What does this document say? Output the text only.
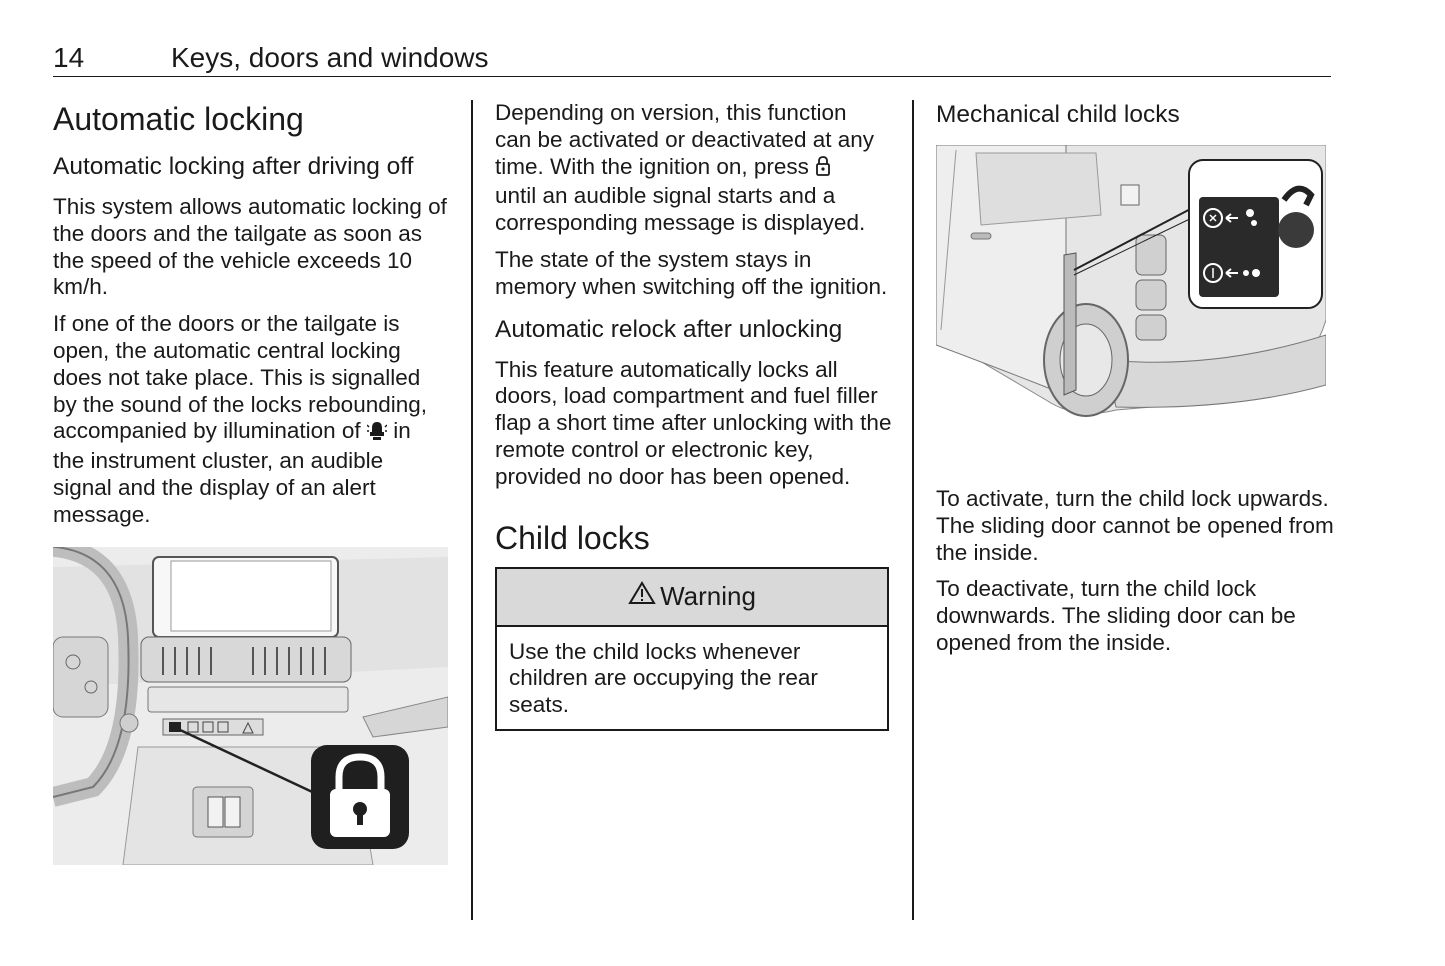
14	Keys, doors and windows
Automatic locking
Automatic locking after driving off

This system allows automatic locking of the doors and the tailgate as soon as the speed of the vehicle exceeds 10 km/h.

If one of the doors or the tailgate is
open, the automatic central locking
does not take place. This is signalled
by the sound of the locks rebounding,
accompanied by illumination of  in
the instrument cluster, an audible
signal and the display of an alert
message.

Depending on version, this function
can be activated or deactivated at any
time. With the ignition on, press
until an audible signal starts and a
corresponding message is displayed.

The state of the system stays in memory when switching off the ignition.

Automatic relock after unlocking

This feature automatically locks all doors, load compartment and fuel filler flap a short time after unlocking with the remote control or electronic key, provided no door has been opened.

Child locks
Warning
Use the child locks whenever children are occupying the rear seats.
Mechanical child locks

To activate, turn the child lock upwards. The sliding door cannot be opened from the inside.

To deactivate, turn the child lock downwards. The sliding door can be opened from the inside.
